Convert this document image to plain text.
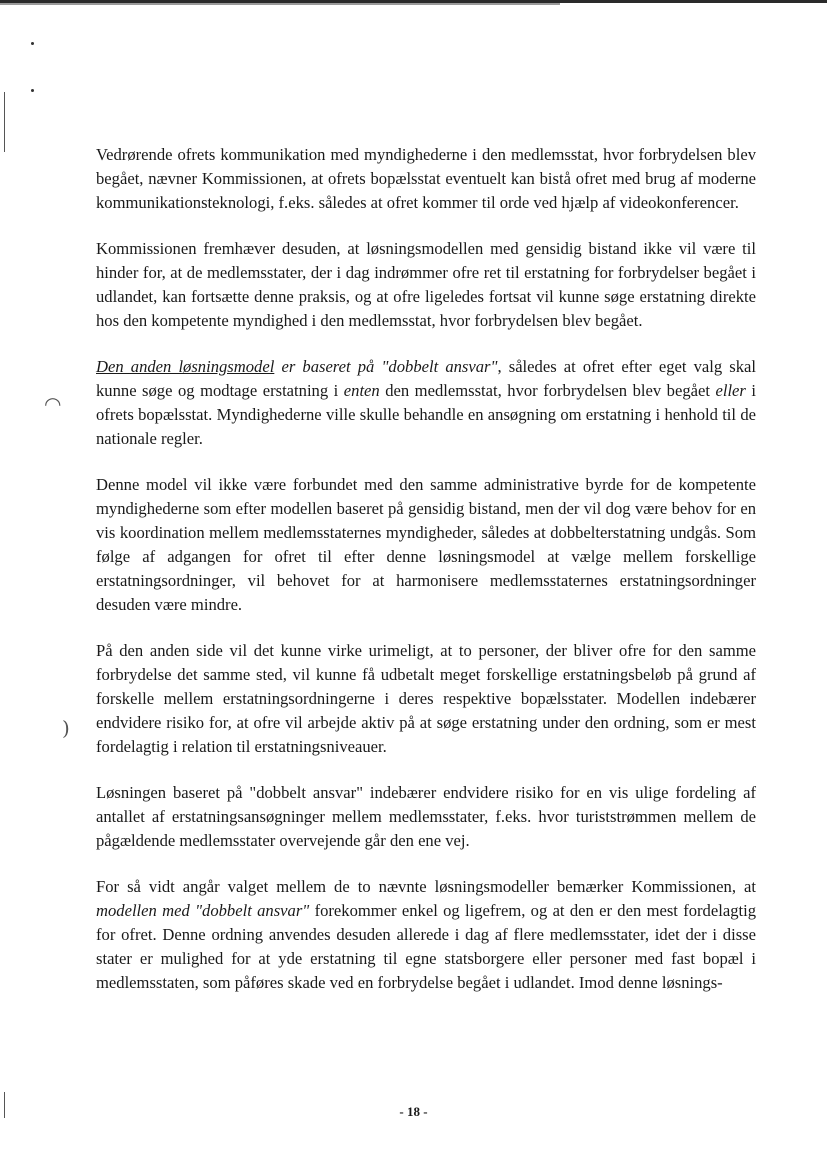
◠
)

Vedrørende ofrets kommunikation med myndighederne i den medlemsstat, hvor forbrydelsen blev begået, nævner Kommissionen, at ofrets bopælsstat eventuelt kan bistå ofret med brug af moderne kommunikationsteknologi, f.eks. således at ofret kommer til orde ved hjælp af videokonferencer.

Kommissionen fremhæver desuden, at løsningsmodellen med gensidig bistand ikke vil være til hinder for, at de medlemsstater, der i dag indrømmer ofre ret til erstatning for forbrydelser begået i udlandet, kan fortsætte denne praksis, og at ofre ligeledes fortsat vil kunne søge erstatning direkte hos den kompetente myndighed i den medlemsstat, hvor forbrydelsen blev begået.

Den anden løsningsmodel er baseret på "dobbelt ansvar", således at ofret efter eget valg skal kunne søge og modtage erstatning i enten den medlemsstat, hvor forbrydelsen blev begået eller i ofrets bopælsstat. Myndighederne ville skulle behandle en ansøgning om erstatning i henhold til de nationale regler.

Denne model vil ikke være forbundet med den samme administrative byrde for de kompetente myndighederne som efter modellen baseret på gensidig bistand, men der vil dog være behov for en vis koordination mellem medlemsstaternes myndigheder, således at dobbelterstatning undgås. Som følge af adgangen for ofret til efter denne løsningsmodel at vælge mellem forskellige erstatningsordninger, vil behovet for at harmonisere medlemsstaternes erstatningsordninger desuden være mindre.

På den anden side vil det kunne virke urimeligt, at to personer, der bliver ofre for den samme forbrydelse det samme sted, vil kunne få udbetalt meget forskellige erstatningsbeløb på grund af forskelle mellem erstatningsordningerne i deres respektive bopælsstater. Modellen indebærer endvidere risiko for, at ofre vil arbejde aktiv på at søge erstatning under den ordning, som er mest fordelagtig i relation til erstatningsniveauer.

Løsningen baseret på "dobbelt ansvar" indebærer endvidere risiko for en vis ulige fordeling af antallet af erstatningsansøgninger mellem medlemsstater, f.eks. hvor turiststrømmen mellem de pågældende medlemsstater overvejende går den ene vej.

For så vidt angår valget mellem de to nævnte løsningsmodeller bemærker Kommissionen, at modellen med "dobbelt ansvar" forekommer enkel og ligefrem, og at den er den mest fordelagtig for ofret. Denne ordning anvendes desuden allerede i dag af flere medlemsstater, idet der i disse stater er mulighed for at yde erstatning til egne statsborgere eller personer med fast bopæl i medlemsstaten, som påføres skade ved en forbrydelse begået i udlandet. Imod denne løsnings-

- 18 -
